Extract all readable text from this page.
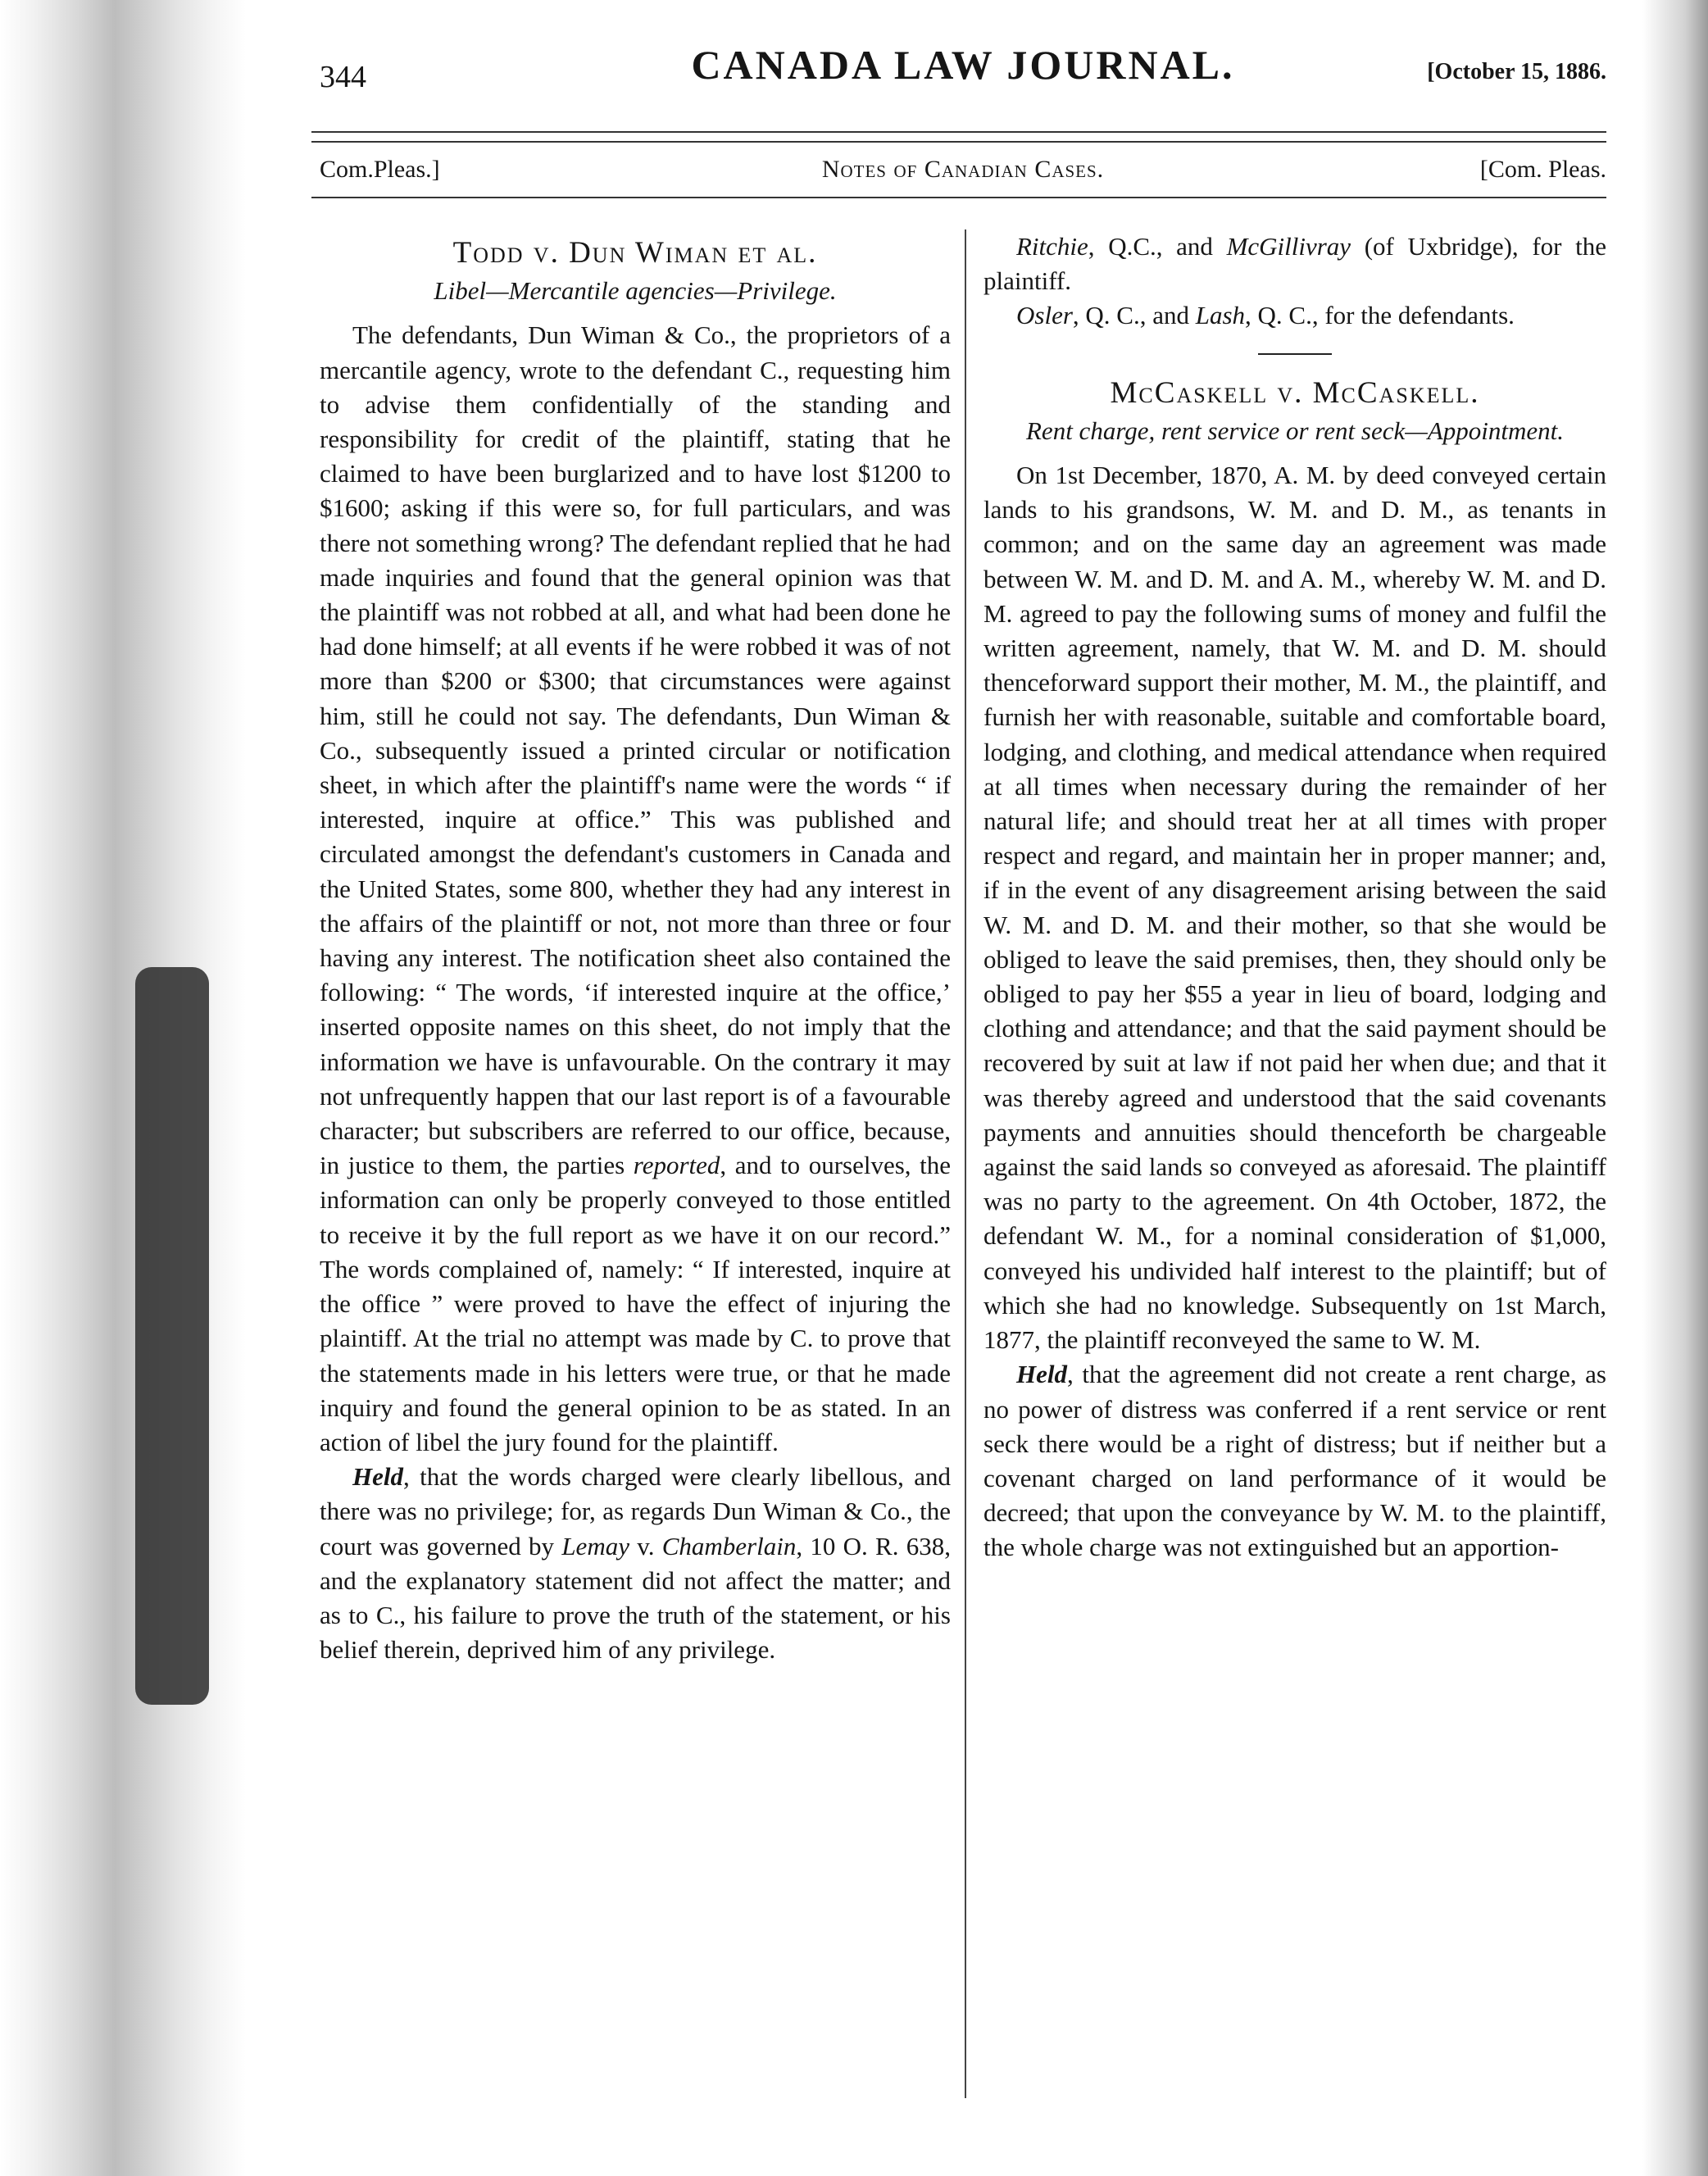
344	CANADA LAW JOURNAL.	[October 15, 1886.
Com.Pleas.]	Notes of Canadian Cases.	[Com. Pleas.
Todd v. Dun Wiman et al.
Libel—Mercantile agencies—Privilege.

The defendants, Dun Wiman & Co., the proprietors of a mercantile agency, wrote to the defendant C., requesting him to advise them confidentially of the standing and responsibility for credit of the plaintiff, stating that he claimed to have been burglarized and to have lost $1200 to $1600; asking if this were so, for full particulars, and was there not something wrong? The defendant replied that he had made inquiries and found that the general opinion was that the plaintiff was not robbed at all, and what had been done he had done himself; at all events if he were robbed it was of not more than $200 or $300; that circumstances were against him, still he could not say. The defendants, Dun Wiman & Co., subsequently issued a printed circular or notification sheet, in which after the plaintiff's name were the words “ if interested, inquire at office.” This was published and circulated amongst the defendant's customers in Canada and the United States, some 800, whether they had any interest in the affairs of the plaintiff or not, not more than three or four having any interest. The notification sheet also contained the following: “ The words, ‘if interested inquire at the office,’ inserted opposite names on this sheet, do not imply that the information we have is unfavourable. On the contrary it may not unfrequently happen that our last report is of a favourable character; but subscribers are referred to our office, because, in justice to them, the parties reported, and to ourselves, the information can only be properly conveyed to those entitled to receive it by the full report as we have it on our record.” The words complained of, namely: “ If interested, inquire at the office ” were proved to have the effect of injuring the plaintiff. At the trial no attempt was made by C. to prove that the statements made in his letters were true, or that he made inquiry and found the general opinion to be as stated. In an action of libel the jury found for the plaintiff.

Held, that the words charged were clearly libellous, and there was no privilege; for, as regards Dun Wiman & Co., the court was governed by Lemay v. Chamberlain, 10 O. R. 638, and the explanatory statement did not affect the matter; and as to C., his failure to prove the truth of the statement, or his belief therein, deprived him of any privilege.

Ritchie, Q.C., and McGillivray (of Uxbridge), for the plaintiff.

Osler, Q. C., and Lash, Q. C., for the defendants.

McCaskell v. McCaskell.
Rent charge, rent service or rent seck—Appointment.

On 1st December, 1870, A. M. by deed conveyed certain lands to his grandsons, W. M. and D. M., as tenants in common; and on the same day an agreement was made between W. M. and D. M. and A. M., whereby W. M. and D. M. agreed to pay the following sums of money and fulfil the written agreement, namely, that W. M. and D. M. should thenceforward support their mother, M. M., the plaintiff, and furnish her with reasonable, suitable and comfortable board, lodging, and clothing, and medical attendance when required at all times when necessary during the remainder of her natural life; and should treat her at all times with proper respect and regard, and maintain her in proper manner; and, if in the event of any disagreement arising between the said W. M. and D. M. and their mother, so that she would be obliged to leave the said premises, then, they should only be obliged to pay her $55 a year in lieu of board, lodging and clothing and attendance; and that the said payment should be recovered by suit at law if not paid her when due; and that it was thereby agreed and understood that the said covenants payments and annuities should thenceforth be chargeable against the said lands so conveyed as aforesaid. The plaintiff was no party to the agreement. On 4th October, 1872, the defendant W. M., for a nominal consideration of $1,000, conveyed his undivided half interest to the plaintiff; but of which she had no knowledge. Subsequently on 1st March, 1877, the plaintiff reconveyed the same to W. M.

Held, that the agreement did not create a rent charge, as no power of distress was conferred if a rent service or rent seck there would be a right of distress; but if neither but a covenant charged on land performance of it would be decreed; that upon the conveyance by W. M. to the plaintiff, the whole charge was not extinguished but an apportion-
